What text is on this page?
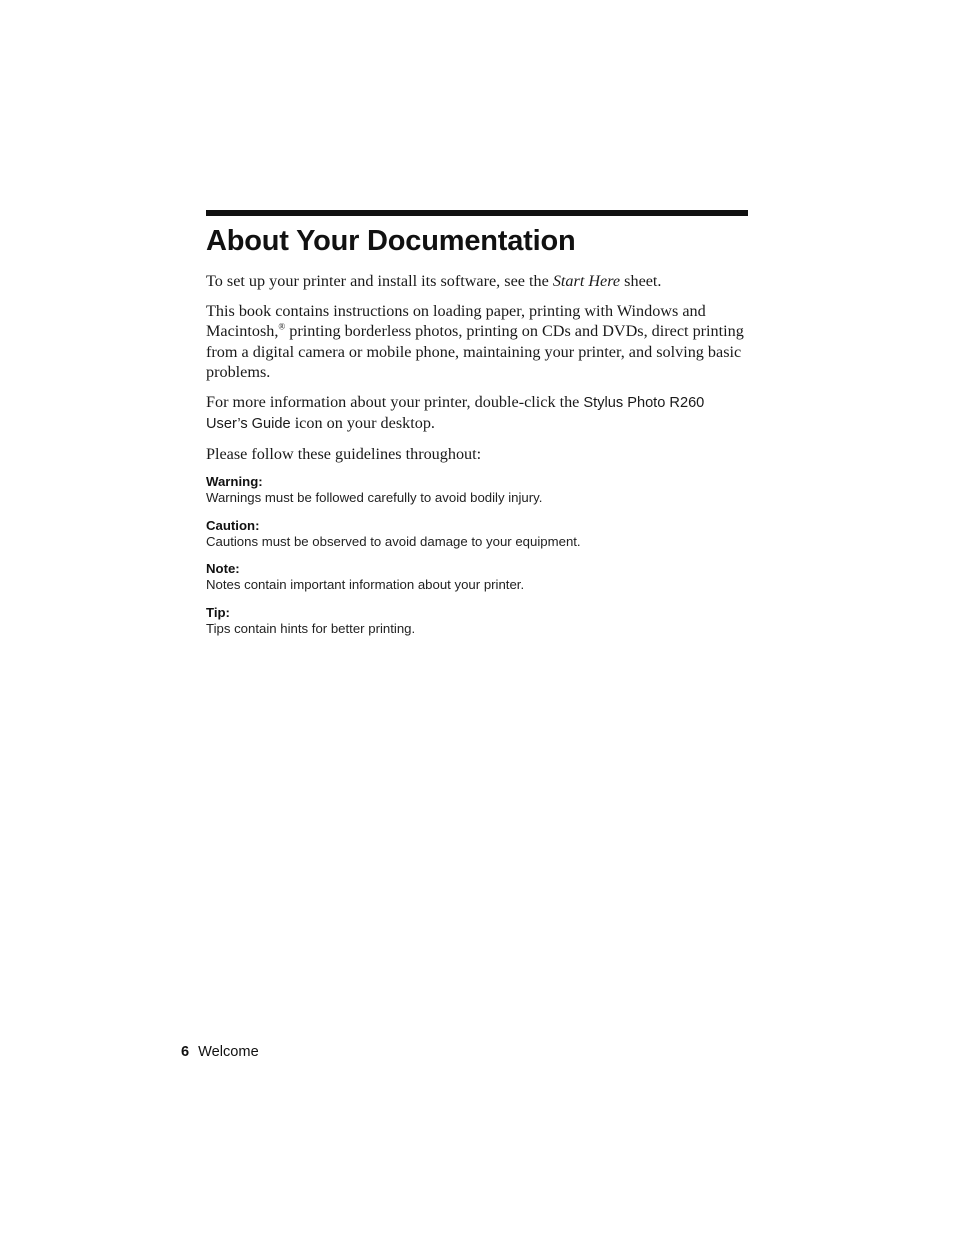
About Your Documentation

To set up your printer and install its software, see the Start Here sheet.

This book contains instructions on loading paper, printing with Windows and Macintosh,® printing borderless photos, printing on CDs and DVDs, direct printing from a digital camera or mobile phone, maintaining your printer, and solving basic problems.

For more information about your printer, double-click the Stylus Photo R260 User’s Guide icon on your desktop.

Please follow these guidelines throughout:

Warning:

Warnings must be followed carefully to avoid bodily injury.

Caution:

Cautions must be observed to avoid damage to your equipment.

Note:

Notes contain important information about your printer.

Tip:

Tips contain hints for better printing.

6 Welcome
